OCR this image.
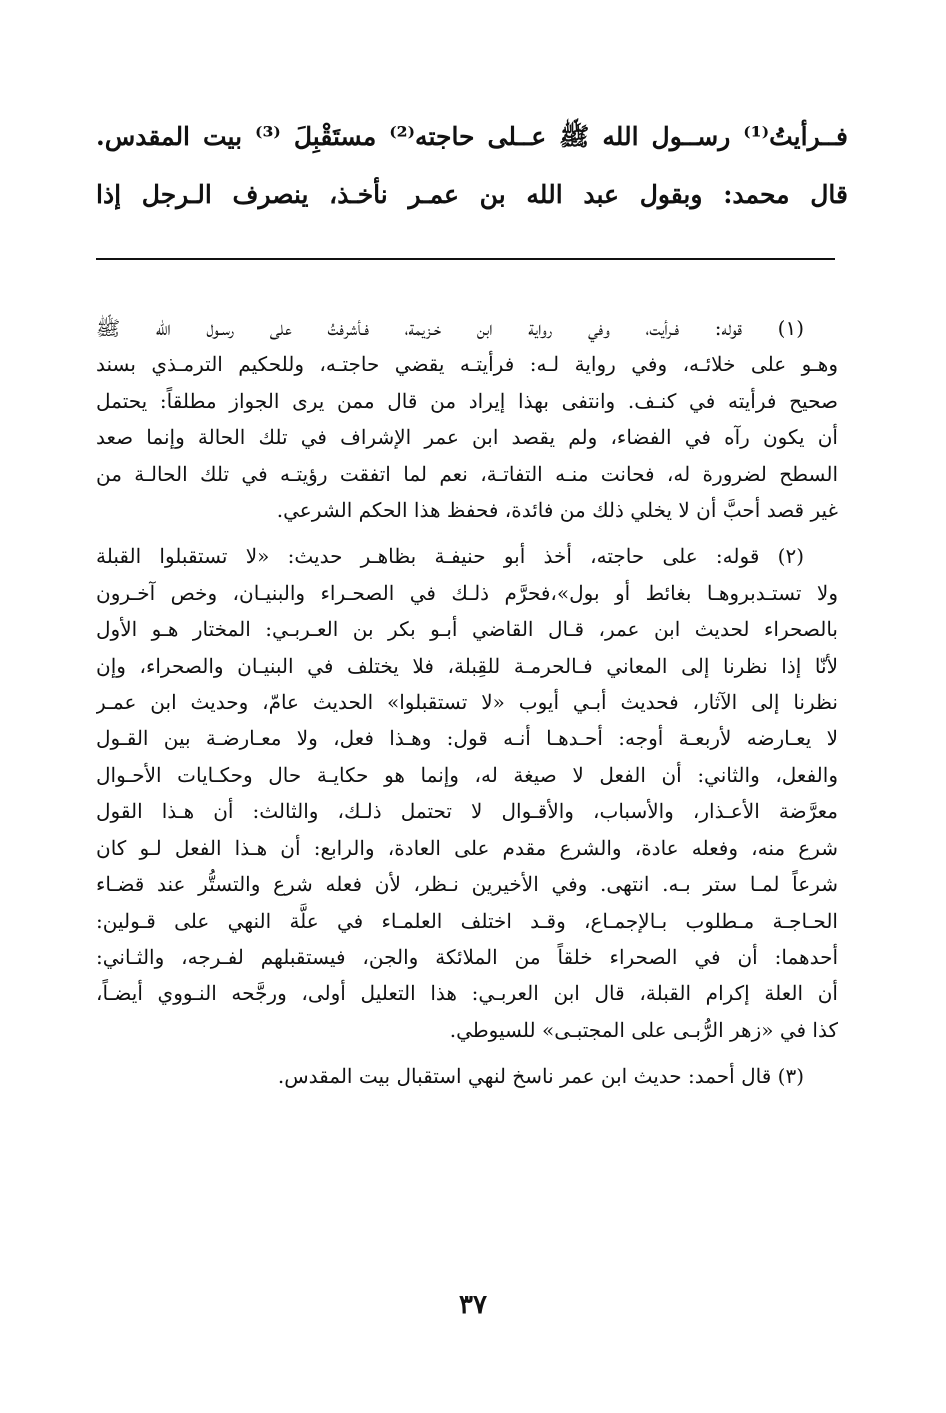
فــرأيتُ⁽¹⁾ رســول الله ﷺ عــلى حاجته⁽²⁾ مستَقْبِلَ ⁽³⁾ بيت المقدس.
قال محمد: وبقول عبد الله بن عمـر نأخـذ، ينصرف الـرجل إذا
(١) قوله: فـرأيت، وفي رواية ابن خـزيمة، فـأشرفتُ على رسـول الله ﷺ
وهـو على خلائـه، وفي رواية لـه: فرأيتـه يقضي حاجتـه، وللحكيم الترمـذي بسند
صحيح فرأيته في كنـف. وانتفى بهذا إيراد من قال ممن يرى الجواز مطلقاً: يحتمل
أن يكون رآه في الفضاء، ولم يقصد ابن عمر الإشراف في تلك الحالة وإنما صعد
السطح لضرورة له، فحانت منـه التفاتـة، نعم لما اتفقت رؤيتـه في تلك الحالـة من
غير قصد أحبَّ أن لا يخلي ذلك من فائدة، فحفظ هذا الحكم الشرعي.
(٢) قوله: على حاجته، أخذ أبو حنيفـة بظاهـر حديث: «لا تستقبلوا القبلة
ولا تستـدبروهـا بغائط أو بول»،فحرَّم ذلـك في الصحـراء والبنيـان، وخص آخـرون
بالصحراء لحديث ابن عمر، قـال القاضي أبـو بكر بن العـربـي: المختار هـو الأول
لأنّا إذا نظرنا إلى المعاني فـالحرمـة للقِبلة، فلا يختلف في البنيـان والصحراء، وإن
نظرنا إلى الآثار، فحديث أبـي أيوب «لا تستقبلوا» الحديث عامّ، وحديث ابن عمـر
لا يعـارضه لأربعـة أوجه: أحـدهـا أنـه قول: وهـذا فعل، ولا معـارضـة بين القـول
والفعل، والثاني: أن الفعل لا صيغة له، وإنما هو حكايـة حال وحكـايات الأحـوال
معرَّضة الأعـذار، والأسباب، والأقـوال لا تحتمل ذلـك، والثالث: أن هـذا القول
شرع منه، وفعله عادة، والشرع مقدم على العادة، والرابع: أن هـذا الفعل لـو كان
شرعاً لمـا ستر بـه. انتهى. وفي الأخيرين نـظر، لأن فعله شرع والتستُّر عند قضـاء
الحـاجـة مـطلوب بـالإجمـاع، وقـد اختلف العلمـاء في علَّة النهي على قـولين:
أحدهما: أن في الصحراء خلقاً من الملائكة والجن، فيستقبلهم لفـرجه، والثـاني:
أن العلة إكرام القبلة، قال ابن العربـي: هذا التعليل أولى، ورجَّحه النـووي أيضـاً،
كذا في «زهر الرُّبـى على المجتبـى» للسيوطي.
(٣) قال أحمد: حديث ابن عمر ناسخ لنهي استقبال بيت المقدس.
٣٧
